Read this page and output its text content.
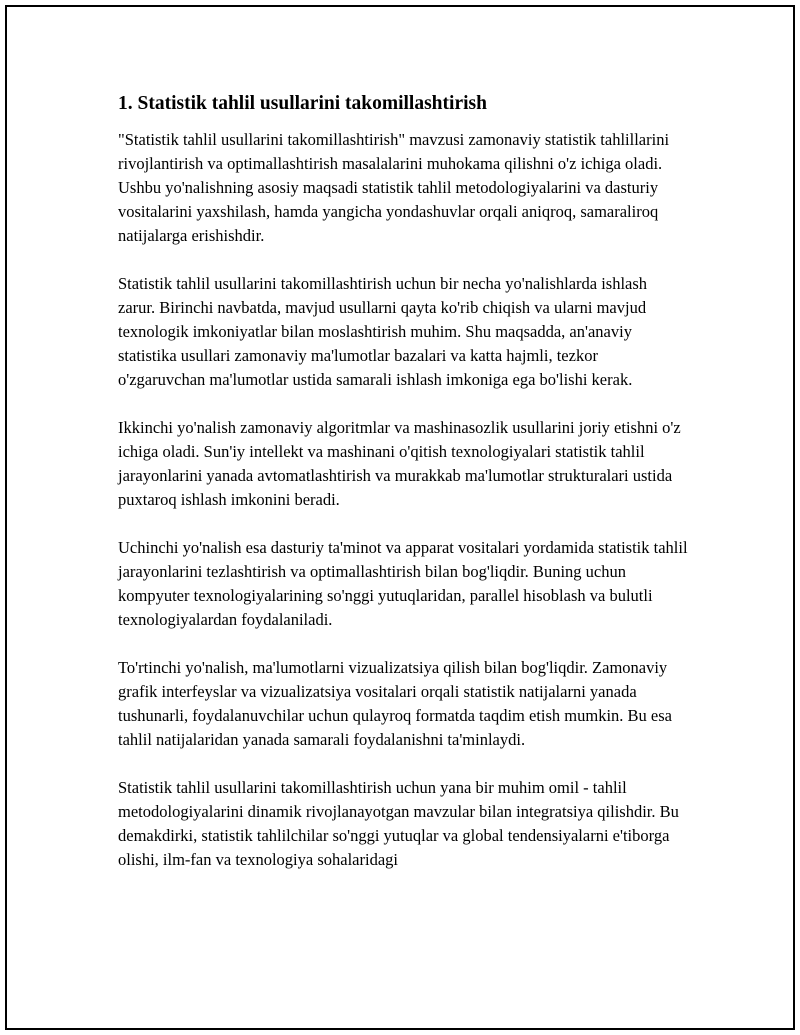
1. Statistik tahlil usullarini takomillashtirish

"Statistik tahlil usullarini takomillashtirish" mavzusi zamonaviy statistik tahlillarini rivojlantirish va optimallashtirish masalalarini muhokama qilishni o'z ichiga oladi. Ushbu yo'nalishning asosiy maqsadi statistik tahlil metodologiyalarini va dasturiy vositalarini yaxshilash, hamda yangicha yondashuvlar orqali aniqroq, samaraliroq natijalarga erishishdir.

Statistik tahlil usullarini takomillashtirish uchun bir necha yo'nalishlarda ishlash zarur. Birinchi navbatda, mavjud usullarni qayta ko'rib chiqish va ularni mavjud texnologik imkoniyatlar bilan moslashtirish muhim. Shu maqsadda, an'anaviy statistika usullari zamonaviy ma'lumotlar bazalari va katta hajmli, tezkor o'zgaruvchan ma'lumotlar ustida samarali ishlash imkoniga ega bo'lishi kerak.

Ikkinchi yo'nalish zamonaviy algoritmlar va mashinasozlik usullarini joriy etishni o'z ichiga oladi. Sun'iy intellekt va mashinani o'qitish texnologiyalari statistik tahlil jarayonlarini yanada avtomatlashtirish va murakkab ma'lumotlar strukturalari ustida puxtaroq ishlash imkonini beradi.

Uchinchi yo'nalish esa dasturiy ta'minot va apparat vositalari yordamida statistik tahlil jarayonlarini tezlashtirish va optimallashtirish bilan bog'liqdir. Buning uchun kompyuter texnologiyalarining so'nggi yutuqlaridan, parallel hisoblash va bulutli texnologiyalardan foydalaniladi.

To'rtinchi yo'nalish, ma'lumotlarni vizualizatsiya qilish bilan bog'liqdir. Zamonaviy grafik interfeyslar va vizualizatsiya vositalari orqali statistik natijalarni yanada tushunarli, foydalanuvchilar uchun qulayroq formatda taqdim etish mumkin. Bu esa tahlil natijalaridan yanada samarali foydalanishni ta'minlaydi.

Statistik tahlil usullarini takomillashtirish uchun yana bir muhim omil - tahlil metodologiyalarini dinamik rivojlanayotgan mavzular bilan integratsiya qilishdir. Bu demakdirki, statistik tahlilchilar so'nggi yutuqlar va global tendensiyalarni e'tiborga olishi, ilm-fan va texnologiya sohalaridagi
